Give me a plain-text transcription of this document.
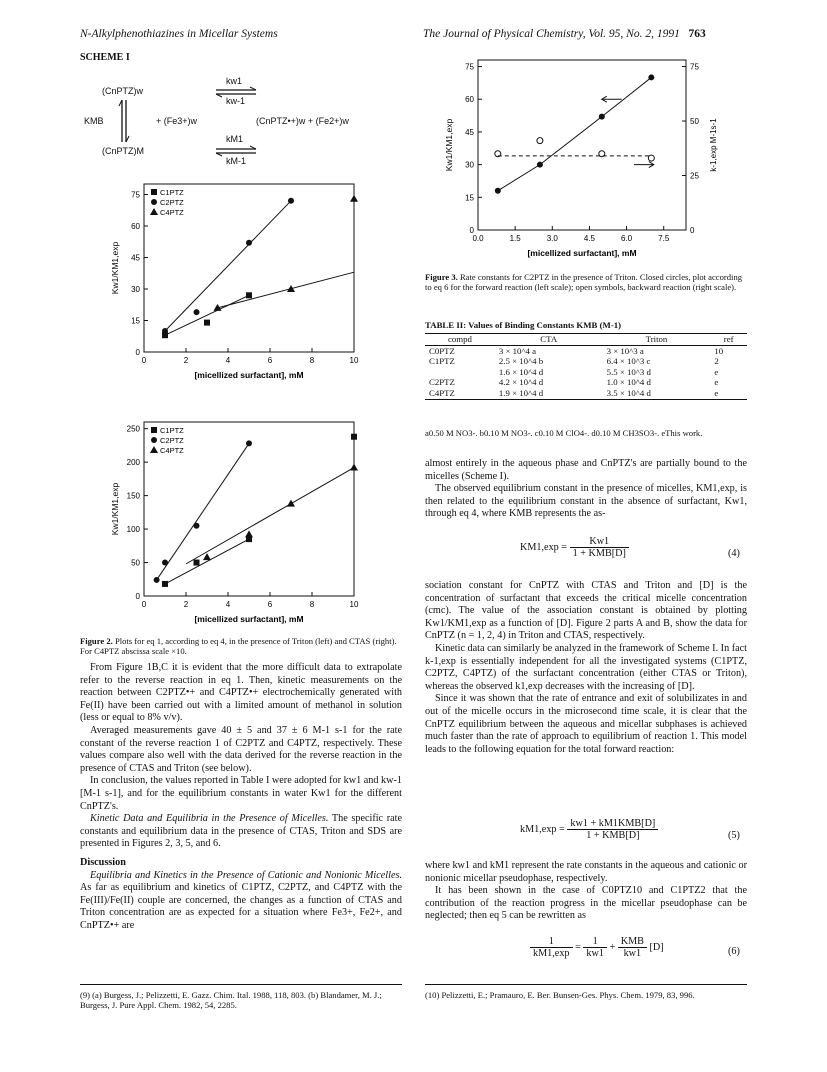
N-Alkylphenothiazines in Micellar Systems	The Journal of Physical Chemistry, Vol. 95, No. 2, 1991 763
SCHEME I
(CnPTZ)w
(CnPTZ)M
KMB	+ (Fe3+)w
kw1
kw-1
(CnPTZ•+)w + (Fe2+)w
kM1
kM-1
0	2	4	6	8	10
0
15
30
45
60
75
[micellized surfactant], mM
Kw1/KM1,exp
C1PTZ
C2PTZ
C4PTZ
0	2	4	6	8	10
0
50
100
150
200
250
[micellized surfactant], mM
Kw1/KM1,exp
C1PTZ
C2PTZ
C4PTZ
0.0	1.5	3.0	4.5	6.0	7.5
0
15
30
45
60
75
0
25
50
75
k-1,exp M-1s-1
[micellized surfactant], mM
Kw1/KM1,exp
Figure 2. Plots for eq 1, according to eq 4, in the presence of Triton (left) and CTAS (right). For C4PTZ abscissa scale ×10.

From Figure 1B,C it is evident that the more difficult data to extrapolate refer to the reverse reaction in eq 1. Then, kinetic measurements on the reaction between C2PTZ•+ and C4PTZ•+ electrochemically generated with Fe(II) have been carried out with a limited amount of methanol in solution (less or equal to 8% v/v).

Averaged measurements gave 40 ± 5 and 37 ± 6 M-1 s-1 for the rate constant of the reverse reaction 1 of C2PTZ and C4PTZ, respectively. These values compare also well with the data derived for the reverse reaction in the presence of CTAS and Triton (see below).

In conclusion, the values reported in Table I were adopted for kw1 and kw-1 [M-1 s-1], and for the equilibrium constants in water Kw1 for the different CnPTZ's.

Kinetic Data and Equilibria in the Presence of Micelles. The specific rate constants and equilibrium data in the presence of CTAS, Triton and SDS are presented in Figures 2, 3, 5, and 6.

Discussion

Equilibria and Kinetics in the Presence of Cationic and Nonionic Micelles. As far as equilibrium and kinetics of C1PTZ, C2PTZ, and C4PTZ with the Fe(III)/Fe(II) couple are concerned, the changes as a function of CTAS and Triton concentration are as expected for a situation where Fe3+, Fe2+, and CnPTZ•+ are

Figure 3. Rate constants for C2PTZ in the presence of Triton. Closed circles, plot according to eq 6 for the forward reaction (left scale); open symbols, backward reaction (right scale).
TABLE II: Values of Binding Constants KMB (M-1)
compd	CTA	Triton	ref
C0PTZ	3 × 10^4 a	3 × 10^3 a	10
C1PTZ	2.5 × 10^4 b	6.4 × 10^3 c	2
	1.6 × 10^4 d	5.5 × 10^3 d	e
C2PTZ	4.2 × 10^4 d	1.0 × 10^4 d	e
C4PTZ	1.9 × 10^4 d	3.5 × 10^4 d	e
a0.50 M NO3-. b0.10 M NO3-. c0.10 M ClO4-. d0.10 M CH3SO3-. eThis work.

almost entirely in the aqueous phase and CnPTZ's are partially bound to the micelles (Scheme I).

The observed equilibrium constant in the presence of micelles, KM1,exp, is then related to the equilibrium constant in the absence of surfactant, Kw1, through eq 4, where KMB represents the as-

$KM1,\exp = \frac{Kw1}{\text{1 + KMB[D]}}$	(4)

sociation constant for CnPTZ with CTAS and Triton and [D] is the concentration of surfactant that exceeds the critical micelle concentration (cmc). The value of the association constant is obtained by plotting Kw1/KM1,exp as a function of [D]. Figure 2 parts A and B, show the data for CnPTZ (n = 1, 2, 4) in Triton and CTAS, respectively.

Kinetic data can similarly be analyzed in the framework of Scheme I. In fact k-1,exp is essentially independent for all the investigated systems (C1PTZ, C2PTZ, C4PTZ) of the surfactant concentration (either CTAS or Triton), whereas the observed k1,exp decreases with the increasing of [D].

Since it was shown that the rate of entrance and exit of solubilizates in and out of the micelle occurs in the microsecond time scale, it is clear that the CnPTZ equilibrium between the aqueous and micellar subphases is achieved much faster than the rate of approach to equilibrium of reaction 1. This model leads to the following equation for the total forward reaction:

$kM1,\exp = \frac{\text{kw1 + kM1KMB[D]}}{\text{1 + KMB[D]}}$	(5)

where kw1 and kM1 represent the rate constants in the aqueous and cationic or nonionic micellar pseudophase, respectively.

It has been shown in the case of C0PTZ10 and C1PTZ2 that the contribution of the reaction progress in the micellar pseudophase can be neglected; then eq 5 can be rewritten as

$\frac{1}{kM1,\exp} = \frac{1}{kw1} + \frac{\text{KMB}}{kw1} [D]$	(6)
(9) (a) Burgess, J.; Pelizzetti, E. Gazz. Chim. Ital. 1988, 118, 803. (b) Blandamer, M. J.; Burgess, J. Pure Appl. Chem. 1982, 54, 2285.
(10) Pelizzetti, E.; Pramauro, E. Ber. Bunsen-Ges. Phys. Chem. 1979, 83, 996.
